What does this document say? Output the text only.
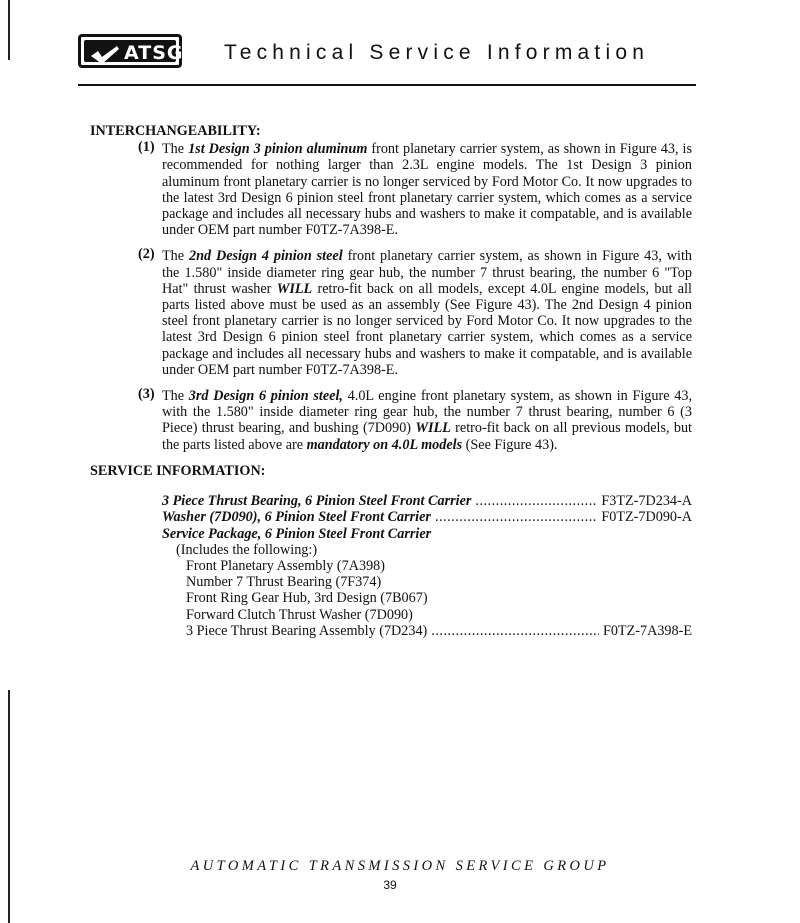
ATSG Technical Service Information

INTERCHANGEABILITY:

(1) The 1st Design 3 pinion aluminum front planetary carrier system, as shown in Figure 43, is recommended for nothing larger than 2.3L engine models. The 1st Design 3 pinion aluminum front planetary carrier is no longer serviced by Ford Motor Co. It now upgrades to the latest 3rd Design 6 pinion steel front planetary carrier system, which comes as a service package and includes all necessary hubs and washers to make it compatable, and is available under OEM part number F0TZ-7A398-E.
(2) The 2nd Design 4 pinion steel front planetary carrier system, as shown in Figure 43, with the 1.580" inside diameter ring gear hub, the number 7 thrust bearing, the number 6 "Top Hat" thrust washer WILL retro-fit back on all models, except 4.0L engine models, but all parts listed above must be used as an assembly (See Figure 43). The 2nd Design 4 pinion steel front planetary carrier is no longer serviced by Ford Motor Co. It now upgrades to the latest 3rd Design 6 pinion steel front planetary carrier system, which comes as a service package and includes all necessary hubs and washers to make it compatable, and is available under OEM part number F0TZ-7A398-E.
(3) The 3rd Design 6 pinion steel, 4.0L engine front planetary system, as shown in Figure 43, with the 1.580" inside diameter ring gear hub, the number 7 thrust bearing, number 6 (3 Piece) thrust bearing, and bushing (7D090) WILL retro-fit back on all previous models, but the parts listed above are mandatory on 4.0L models (See Figure 43).

SERVICE INFORMATION:

3 Piece Thrust Bearing, 6 Pinion Steel Front Carrier .....	F3TZ-7D234-A
Washer (7D090), 6 Pinion Steel Front Carrier .....	F0TZ-7D090-A
Service Package, 6 Pinion Steel Front Carrier
(Includes the following:)
Front Planetary Assembly (7A398)
Number 7 Thrust Bearing (7F374)
Front Ring Gear Hub, 3rd Design (7B067)
Forward Clutch Thrust Washer (7D090)
3 Piece Thrust Bearing Assembly (7D234) .....	F0TZ-7A398-E
AUTOMATIC TRANSMISSION SERVICE GROUP
39
